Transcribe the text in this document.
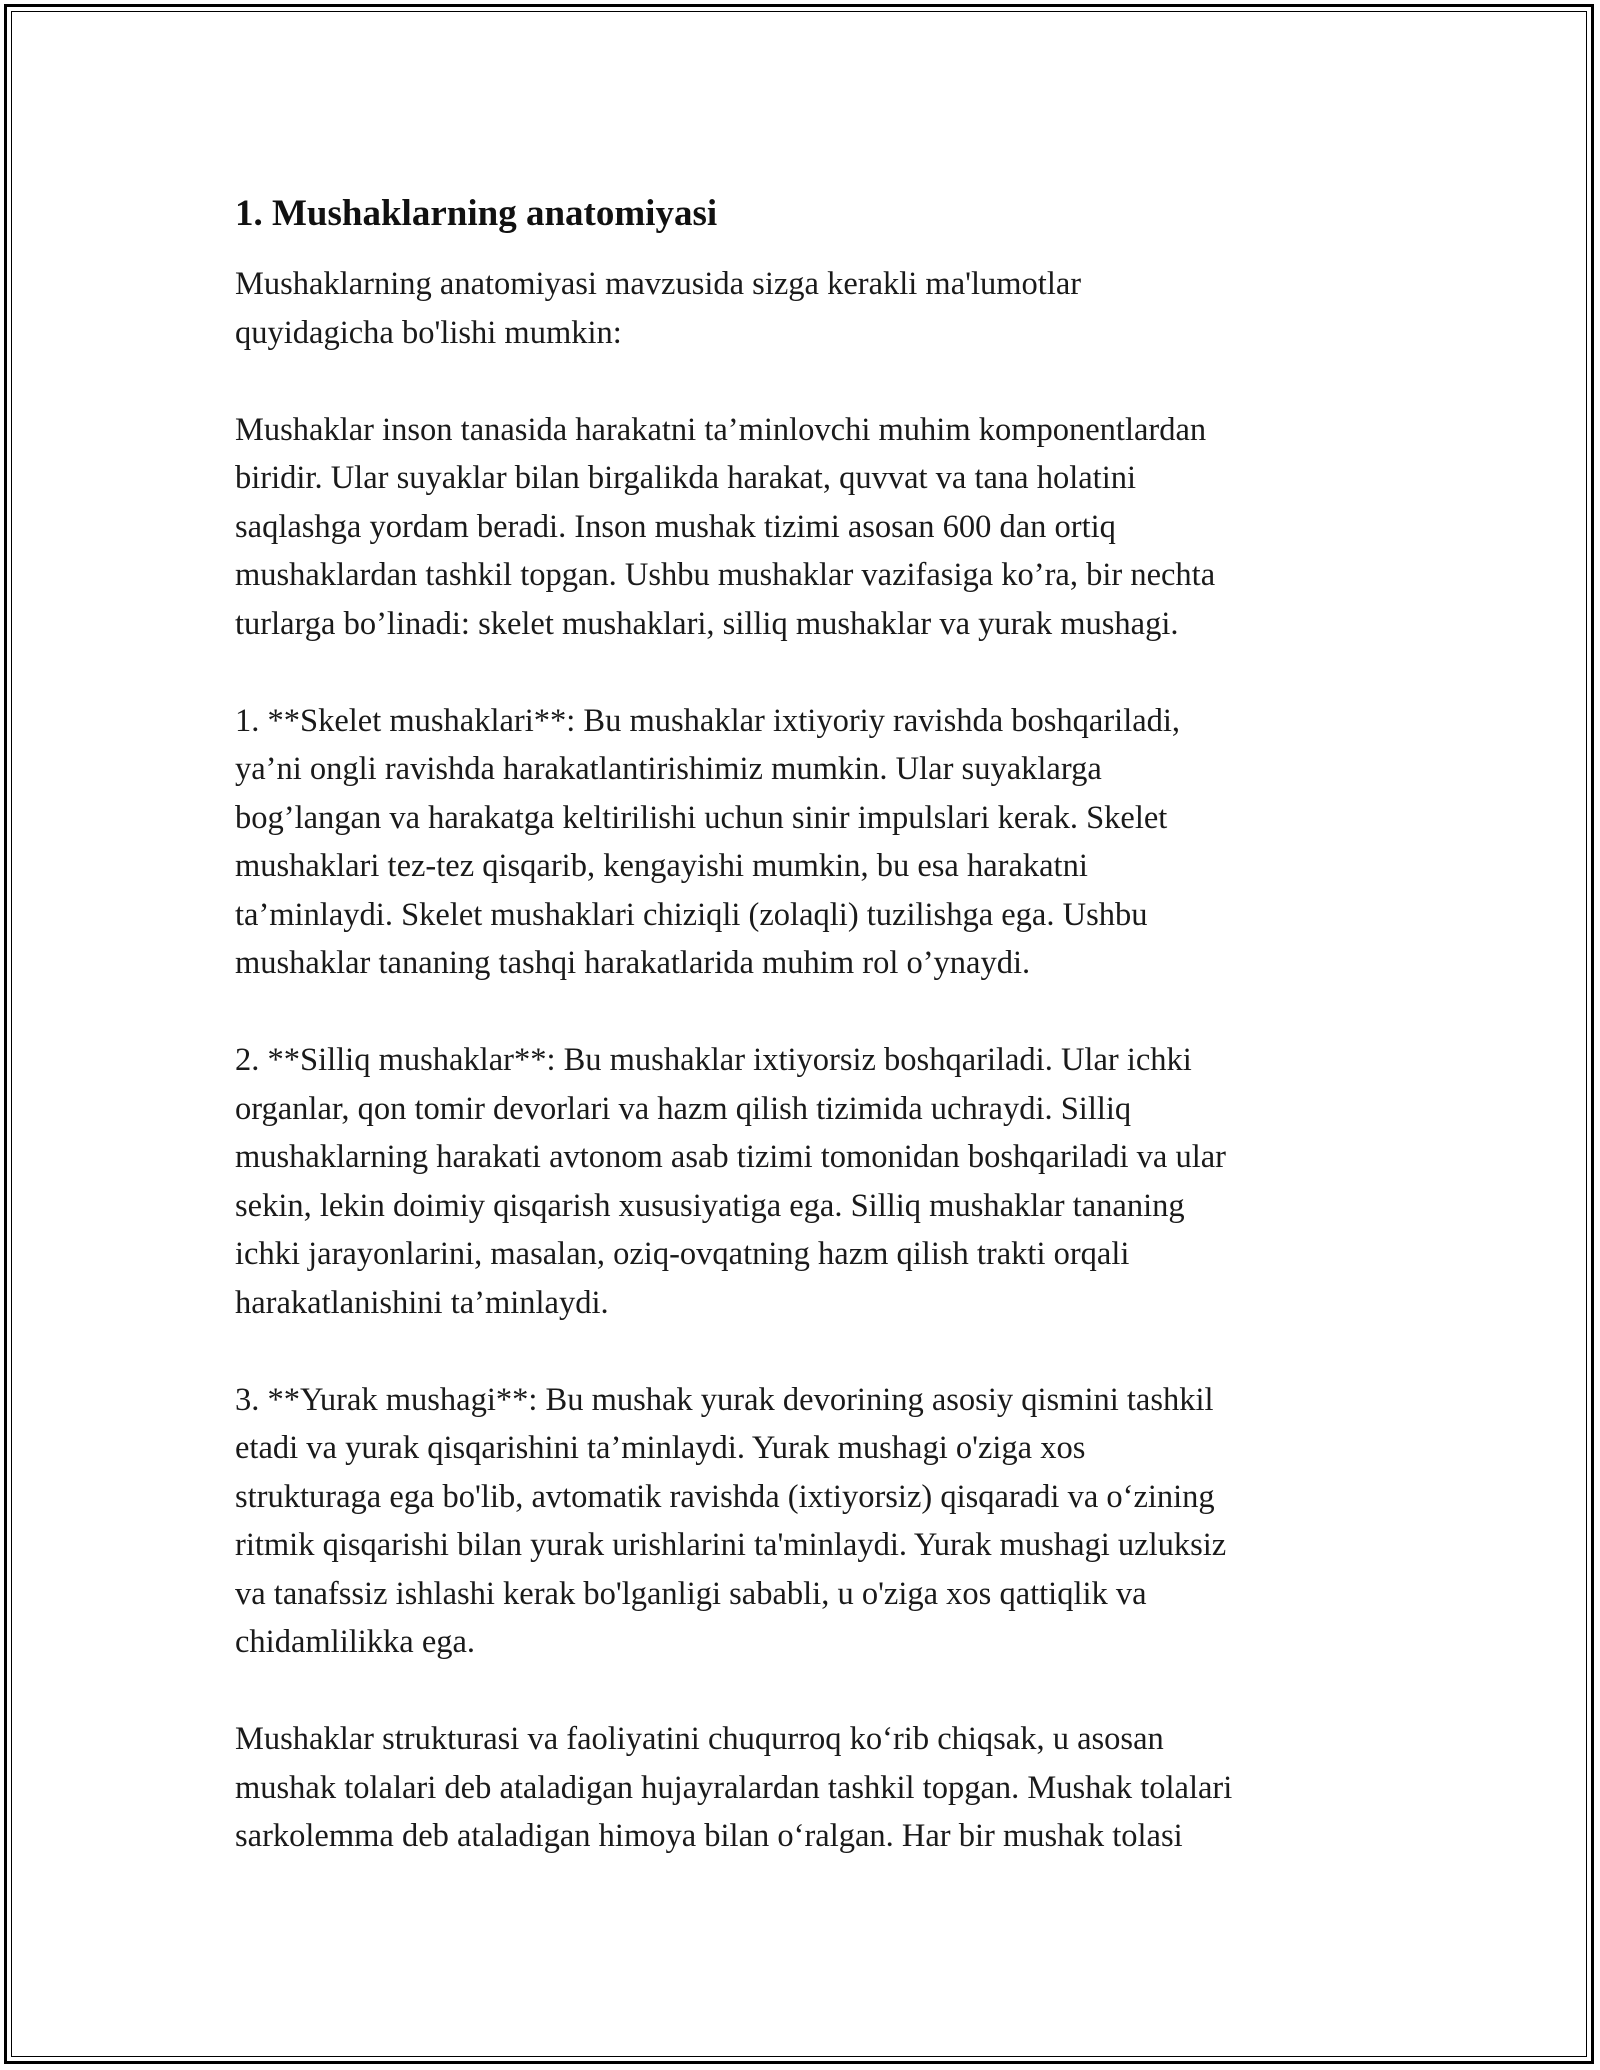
1. Mushaklarning anatomiyasi

Mushaklarning anatomiyasi mavzusida sizga kerakli ma'lumotlar
quyidagicha bo'lishi mumkin:

Mushaklar inson tanasida harakatni ta’minlovchi muhim komponentlardan
biridir. Ular suyaklar bilan birgalikda harakat, quvvat va tana holatini
saqlashga yordam beradi. Inson mushak tizimi asosan 600 dan ortiq
mushaklardan tashkil topgan. Ushbu mushaklar vazifasiga ko’ra, bir nechta
turlarga bo’linadi: skelet mushaklari, silliq mushaklar va yurak mushagi.

1. **Skelet mushaklari**: Bu mushaklar ixtiyoriy ravishda boshqariladi,
ya’ni ongli ravishda harakatlantirishimiz mumkin. Ular suyaklarga
bog’langan va harakatga keltirilishi uchun sinir impulslari kerak. Skelet
mushaklari tez-tez qisqarib, kengayishi mumkin, bu esa harakatni
ta’minlaydi. Skelet mushaklari chiziqli (zolaqli) tuzilishga ega. Ushbu
mushaklar tananing tashqi harakatlarida muhim rol o’ynaydi.

2. **Silliq mushaklar**: Bu mushaklar ixtiyorsiz boshqariladi. Ular ichki
organlar, qon tomir devorlari va hazm qilish tizimida uchraydi. Silliq
mushaklarning harakati avtonom asab tizimi tomonidan boshqariladi va ular
sekin, lekin doimiy qisqarish xususiyatiga ega. Silliq mushaklar tananing
ichki jarayonlarini, masalan, oziq-ovqatning hazm qilish trakti orqali
harakatlanishini ta’minlaydi.

3. **Yurak mushagi**: Bu mushak yurak devorining asosiy qismini tashkil
etadi va yurak qisqarishini ta’minlaydi. Yurak mushagi o'ziga xos
strukturaga ega bo'lib, avtomatik ravishda (ixtiyorsiz) qisqaradi va o‘zining
ritmik qisqarishi bilan yurak urishlarini ta'minlaydi. Yurak mushagi uzluksiz
va tanafssiz ishlashi kerak bo'lganligi sababli, u o'ziga xos qattiqlik va
chidamlilikka ega.

Mushaklar strukturasi va faoliyatini chuqurroq ko‘rib chiqsak, u asosan
mushak tolalari deb ataladigan hujayralardan tashkil topgan. Mushak tolalari
sarkolemma deb ataladigan himoya bilan o‘ralgan. Har bir mushak tolasi
